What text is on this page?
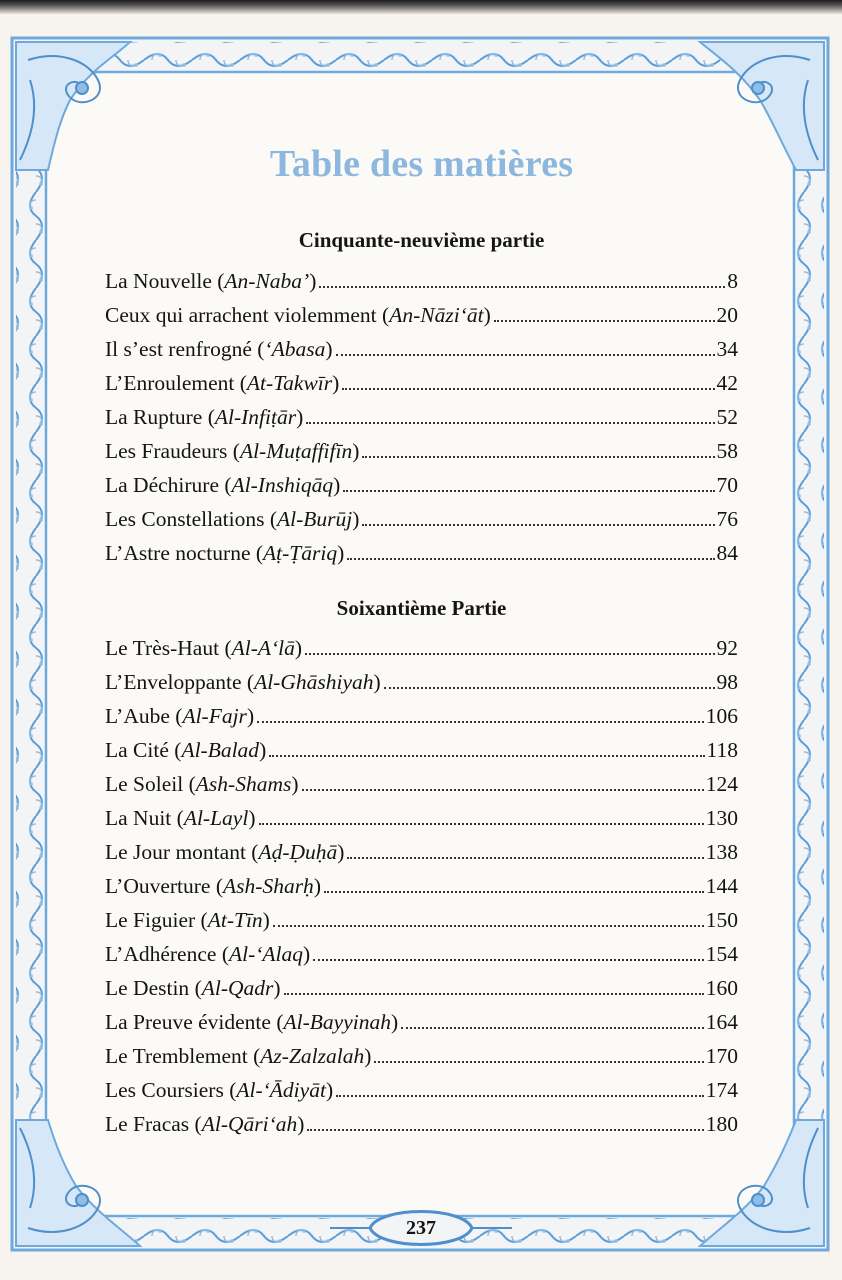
Table des matières
Cinquante-neuvième partie
La Nouvelle (An-Naba’)	8
Ceux qui arrachent violemment (An-Nāzi‘āt)	20
Il s’est renfrogné (‘Abasa)	34
L’Enroulement (At-Takwīr)	42
La Rupture (Al-Infiṭār)	52
Les Fraudeurs (Al-Muṭaffifīn)	58
La Déchirure (Al-Inshiqāq)	70
Les Constellations (Al-Burūj)	76
L’Astre nocturne (Aṭ-Ṭāriq)	84
Soixantième Partie
Le Très-Haut (Al-A‘lā)	92
L’Enveloppante (Al-Ghāshiyah)	98
L’Aube (Al-Fajr)	106
La Cité (Al-Balad)	118
Le Soleil (Ash-Shams)	124
La Nuit (Al-Layl)	130
Le Jour montant (Aḍ-Ḍuḥā)	138
L’Ouverture (Ash-Sharḥ)	144
Le Figuier (At-Tīn)	150
L’Adhérence (Al-‘Alaq)	154
Le Destin (Al-Qadr)	160
La Preuve évidente (Al-Bayyinah)	164
Le Tremblement (Az-Zalzalah)	170
Les Coursiers (Al-‘Ādiyāt)	174
Le Fracas (Al-Qāri‘ah)	180
237
